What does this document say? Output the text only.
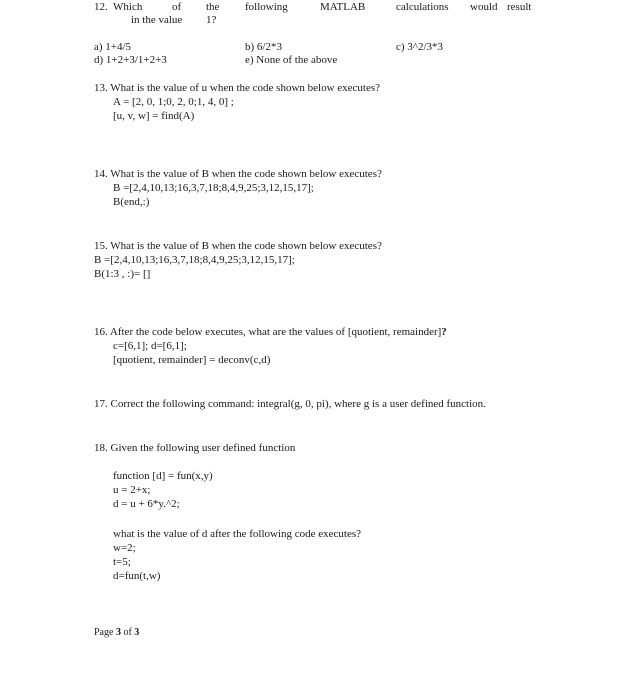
12. Which	of the following	MATLAB	calculations would result
in the value 1?
a) 1+4/5	b) 6/2*3	c) 3^2/3*3
d) 1+2+3/1+2+3	e) None of the above
13. What is the value of u when the code shown below executes?
A = [2, 0, 1;0, 2, 0;1, 4, 0] ;
[u, v, w] = find(A)
14. What is the value of B when the code shown below executes?
B =[2,4,10,13;16,3,7,18;8,4,9,25;3,12,15,17];
B(end,:)
15. What is the value of B when the code shown below executes?
B =[2,4,10,13;16,3,7,18;8,4,9,25;3,12,15,17];
B(1:3 , :)= []
16. After the code below executes, what are the values of [quotient, remainder]?
c=[6,1]; d=[6,1];
[quotient, remainder] = deconv(c,d)
17. Correct the following command: integral(g, 0, pi), where g is a user defined function.
18. Given the following user defined function
function [d] = fun(x,y)
u = 2+x;
d = u + 6*y.^2;
what is the value of d after the following code executes?
w=2;
t=5;
d=fun(t,w)
Page 3 of 3
